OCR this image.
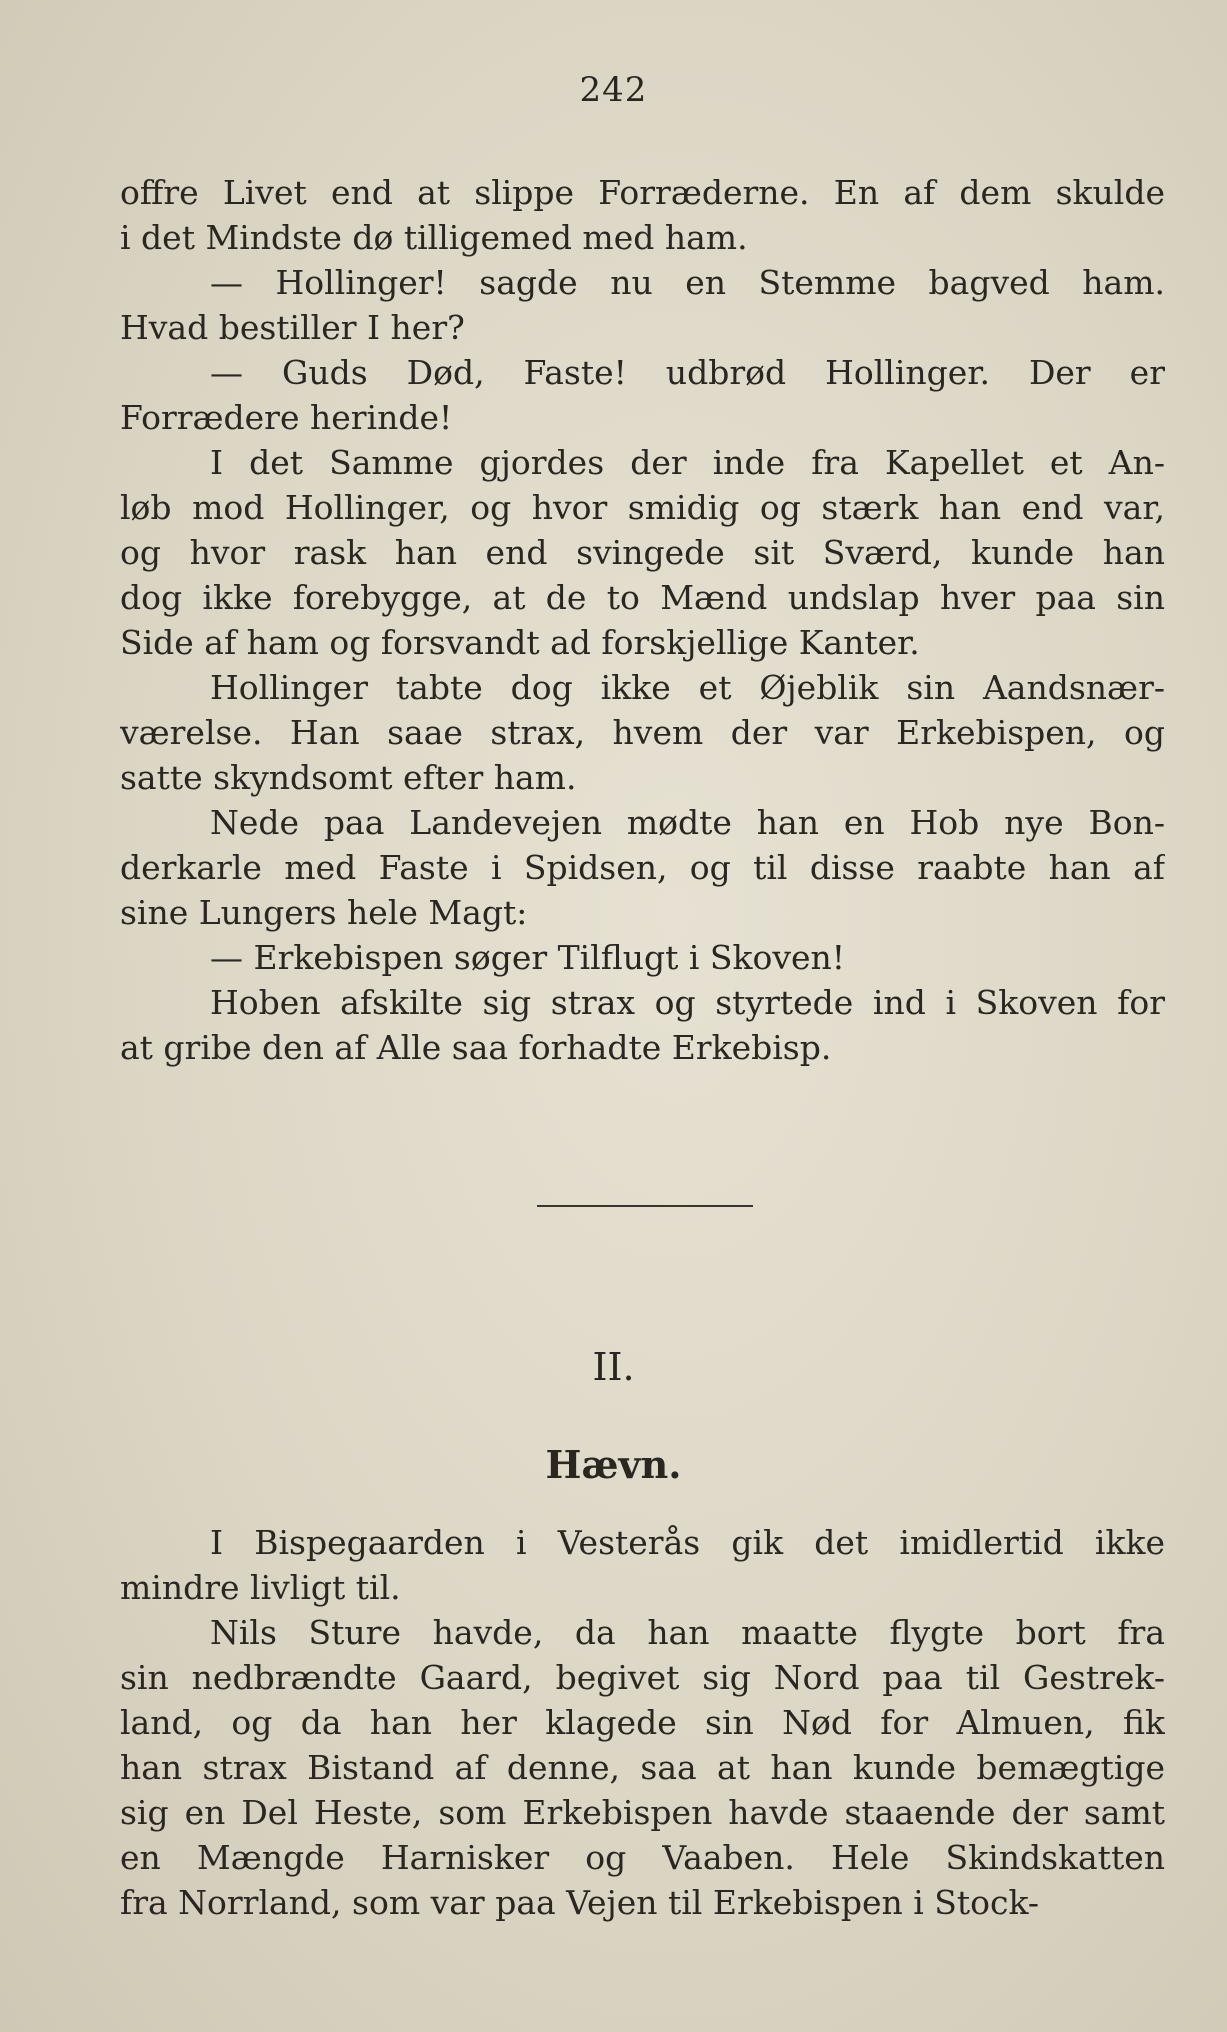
242
offre Livet end at slippe Forræderne. En af dem skulde
i det Mindste dø tilligemed med ham.
— Hollinger! sagde nu en Stemme bagved ham.
Hvad bestiller I her?
— Guds Død, Faste! udbrød Hollinger. Der er
Forrædere herinde!
I det Samme gjordes der inde fra Kapellet et An-
løb mod Hollinger, og hvor smidig og stærk han end var,
og hvor rask han end svingede sit Sværd, kunde han
dog ikke forebygge, at de to Mænd undslap hver paa sin
Side af ham og forsvandt ad forskjellige Kanter.
Hollinger tabte dog ikke et Øjeblik sin Aandsnær-
værelse. Han saae strax, hvem der var Erkebispen, og
satte skyndsomt efter ham.
Nede paa Landevejen mødte han en Hob nye Bon-
derkarle med Faste i Spidsen, og til disse raabte han af
sine Lungers hele Magt:
— Erkebispen søger Tilflugt i Skoven!
Hoben afskilte sig strax og styrtede ind i Skoven for
at gribe den af Alle saa forhadte Erkebisp.
II.
Hævn.
I Bispegaarden i Vesterås gik det imidlertid ikke
mindre livligt til.
Nils Sture havde, da han maatte flygte bort fra
sin nedbrændte Gaard, begivet sig Nord paa til Gestrek-
land, og da han her klagede sin Nød for Almuen, fik
han strax Bistand af denne, saa at han kunde bemægtige
sig en Del Heste, som Erkebispen havde staaende der samt
en Mængde Harnisker og Vaaben. Hele Skindskatten
fra Norrland, som var paa Vejen til Erkebispen i Stock-
